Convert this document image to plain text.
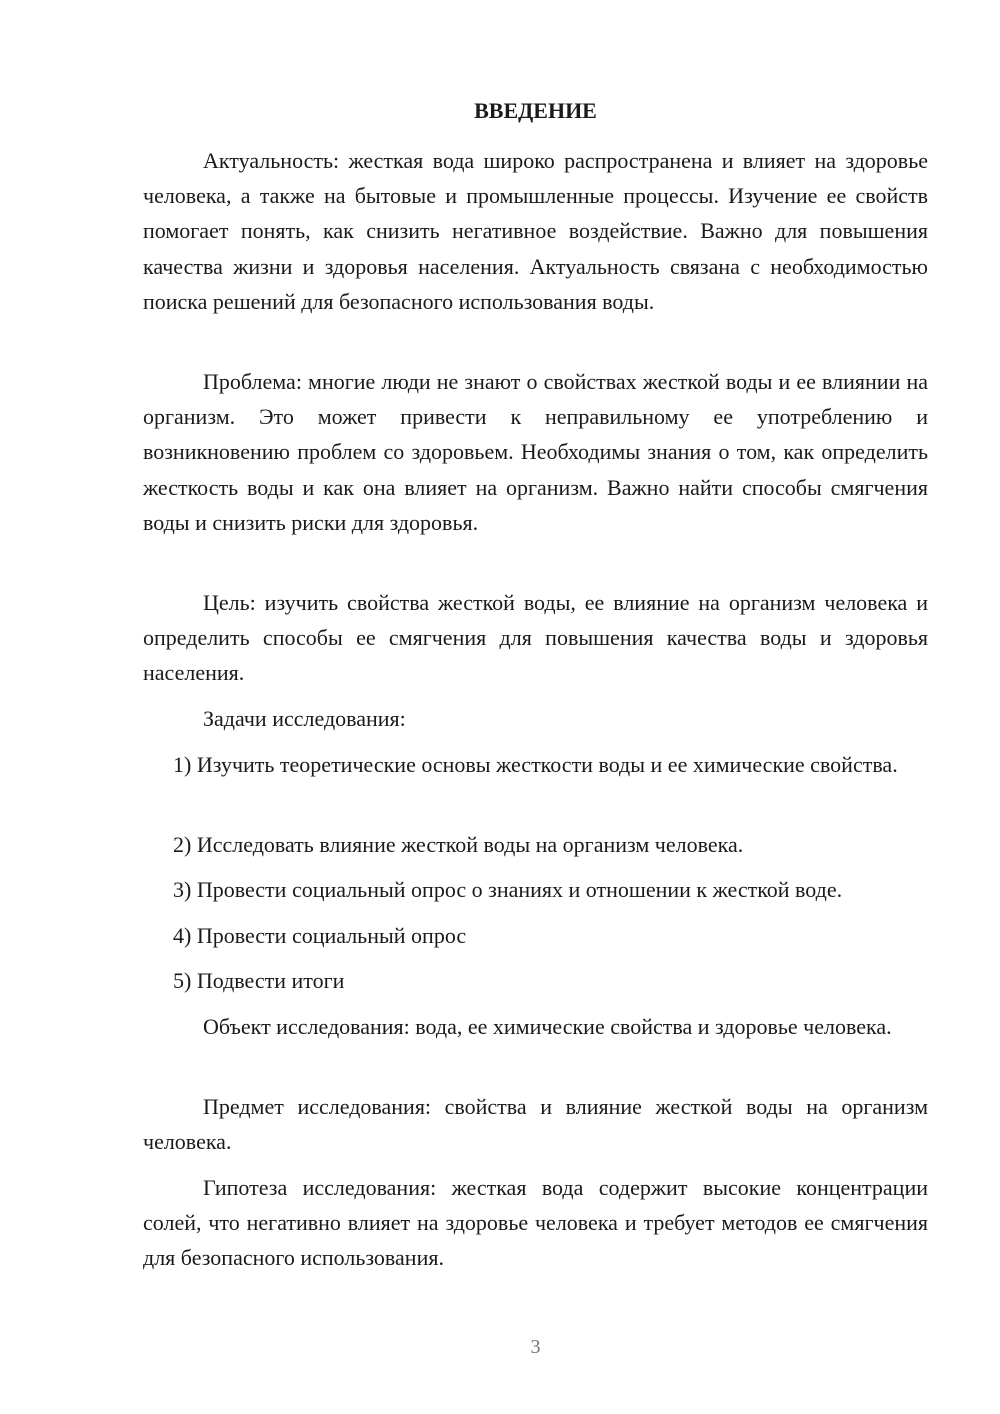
ВВЕДЕНИЕ

Актуальность: жесткая вода широко распространена и влияет на здоровье человека, а также на бытовые и промышленные процессы. Изучение ее свойств помогает понять, как снизить негативное воздействие. Важно для повышения качества жизни и здоровья населения. Актуальность связана с необходимостью поиска решений для безопасного использования воды.

Проблема: многие люди не знают о свойствах жесткой воды и ее влиянии на организм. Это может привести к неправильному ее употреблению и возникновению проблем со здоровьем. Необходимы знания о том, как определить жесткость воды и как она влияет на организм. Важно найти способы смягчения воды и снизить риски для здоровья.

Цель: изучить свойства жесткой воды, ее влияние на организм человека и определить способы ее смягчения для повышения качества воды и здоровья населения.

Задачи исследования:

1) Изучить теоретические основы жесткости воды и ее химические свойства.

2) Исследовать влияние жесткой воды на организм человека.

3) Провести социальный опрос о знаниях и отношении к жесткой воде.

4) Провести социальный опрос

5) Подвести итоги

Объект исследования: вода, ее химические свойства и здоровье человека.

Предмет исследования: свойства и влияние жесткой воды на организм человека.

Гипотеза исследования: жесткая вода содержит высокие концентрации солей, что негативно влияет на здоровье человека и требует методов ее смягчения для безопасного использования.

3
